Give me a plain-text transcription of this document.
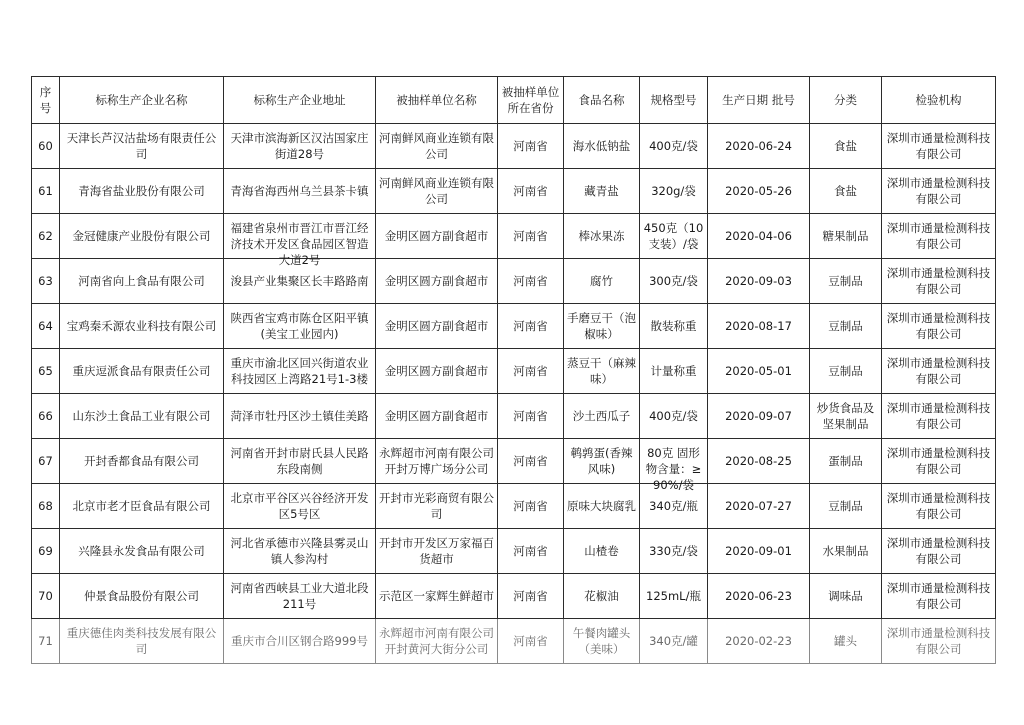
序号	标称生产企业名称	标称生产企业地址	被抽样单位名称	被抽样单位所在省份	食品名称	规格型号	生产日期 批号	分类	检验机构

60	天津长芦汉沽盐场有限责任公司	天津市滨海新区汉沽国家庄街道28号	河南鲜风商业连锁有限公司	河南省	海水低钠盐	400克/袋	2020-06-24	食盐	深圳市通量检测科技有限公司

61	青海省盐业股份有限公司	青海省海西州乌兰县茶卡镇	河南鲜风商业连锁有限公司	河南省	藏青盐	320g/袋	2020-05-26	食盐	深圳市通量检测科技有限公司

62	金冠健康产业股份有限公司	福建省泉州市晋江市晋江经济技术开发区食品园区智造大道2号	金明区圆方副食超市	河南省	棒冰果冻	450克（10支装）/袋	2020-04-06	糖果制品	深圳市通量检测科技有限公司

63	河南省向上食品有限公司	浚县产业集聚区长丰路路南	金明区圆方副食超市	河南省	腐竹	300克/袋	2020-09-03	豆制品	深圳市通量检测科技有限公司

64	宝鸡秦禾源农业科技有限公司	陕西省宝鸡市陈仓区阳平镇(美宝工业园内)	金明区圆方副食超市	河南省	手磨豆干（泡椒味）	散装称重	2020-08-17	豆制品	深圳市通量检测科技有限公司

65	重庆逗派食品有限责任公司	重庆市渝北区回兴街道农业科技园区上湾路21号1-3楼	金明区圆方副食超市	河南省	蒸豆干（麻辣味）	计量称重	2020-05-01	豆制品	深圳市通量检测科技有限公司

66	山东沙土食品工业有限公司	菏泽市牡丹区沙土镇佳美路	金明区圆方副食超市	河南省	沙土西瓜子	400克/袋	2020-09-07	炒货食品及坚果制品	深圳市通量检测科技有限公司

67	开封香都食品有限公司	河南省开封市尉氏县人民路东段南侧	永辉超市河南有限公司开封万博广场分公司	河南省	鹌鹑蛋(香辣风味)	80克 固形物含量：≥90%/袋	2020-08-25	蛋制品	深圳市通量检测科技有限公司

68	北京市老才臣食品有限公司	北京市平谷区兴谷经济开发区5号区	开封市光彩商贸有限公司	河南省	原味大块腐乳	340克/瓶	2020-07-27	豆制品	深圳市通量检测科技有限公司

69	兴隆县永发食品有限公司	河北省承德市兴隆县雾灵山镇人参沟村	开封市开发区万家福百货超市	河南省	山楂卷	330克/袋	2020-09-01	水果制品	深圳市通量检测科技有限公司

70	仲景食品股份有限公司	河南省西峡县工业大道北段211号	示范区一家辉生鲜超市	河南省	花椒油	125mL/瓶	2020-06-23	调味品	深圳市通量检测科技有限公司

71	重庆德佳肉类科技发展有限公司	重庆市合川区钢合路999号	永辉超市河南有限公司开封黄河大街分公司	河南省	午餐肉罐头（美味）	340克/罐	2020-02-23	罐头	深圳市通量检测科技有限公司
